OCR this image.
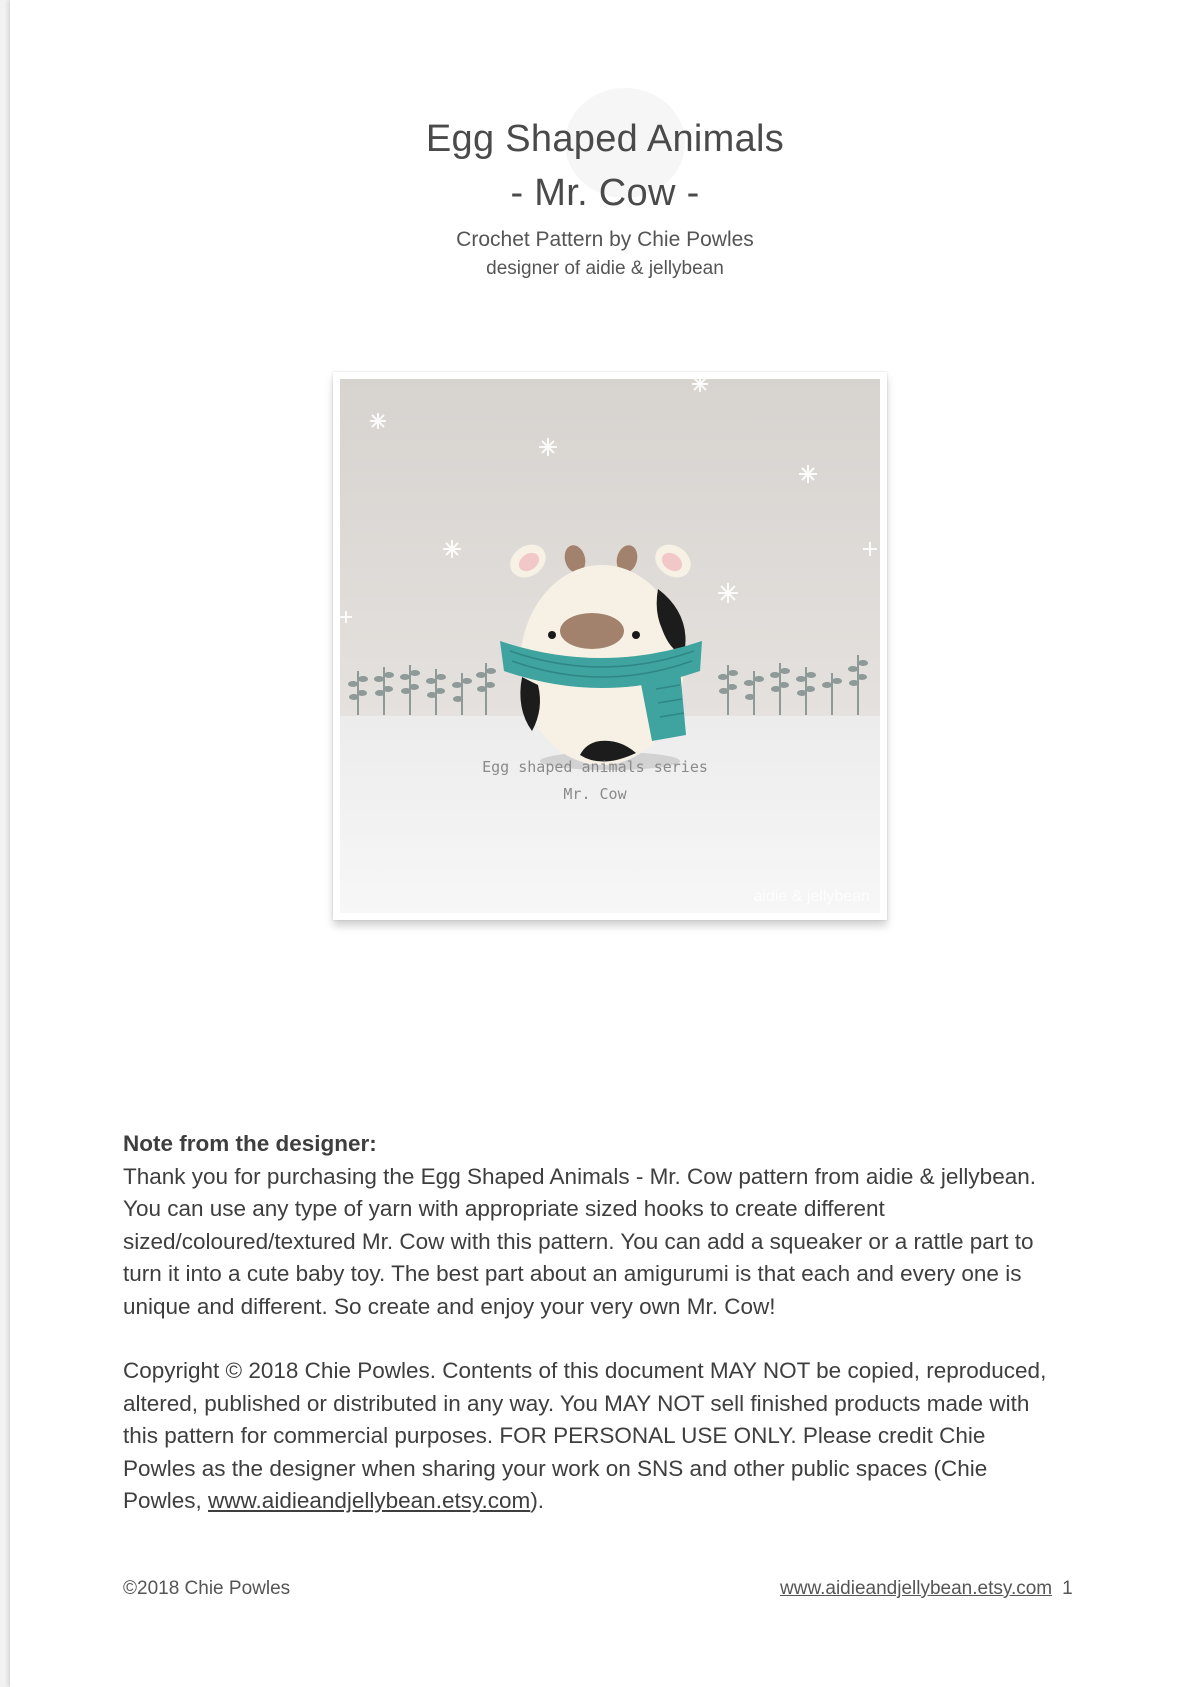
Egg Shaped Animals
- Mr. Cow -
Crochet Pattern by Chie Powles
designer of aidie & jellybean
Egg shaped animals series
Mr. Cow
aidie & jellybean
Note from the designer:

Thank you for purchasing the Egg Shaped Animals - Mr. Cow pattern from aidie & jellybean. You can use any type of yarn with appropriate sized hooks to create different sized/coloured/textured Mr. Cow with this pattern. You can add a squeaker or a rattle part to turn it into a cute baby toy. The best part about an amigurumi is that each and every one is unique and different. So create and enjoy your very own Mr. Cow!

Copyright © 2018 Chie Powles. Contents of this document MAY NOT be copied, reproduced, altered, published or distributed in any way. You MAY NOT sell finished products made with this pattern for commercial purposes. FOR PERSONAL USE ONLY. Please credit Chie Powles as the designer when sharing your work on SNS and other public spaces (Chie Powles, www.aidieandjellybean.etsy.com).

©2018 Chie Powles	www.aidieandjellybean.etsy.com 1
